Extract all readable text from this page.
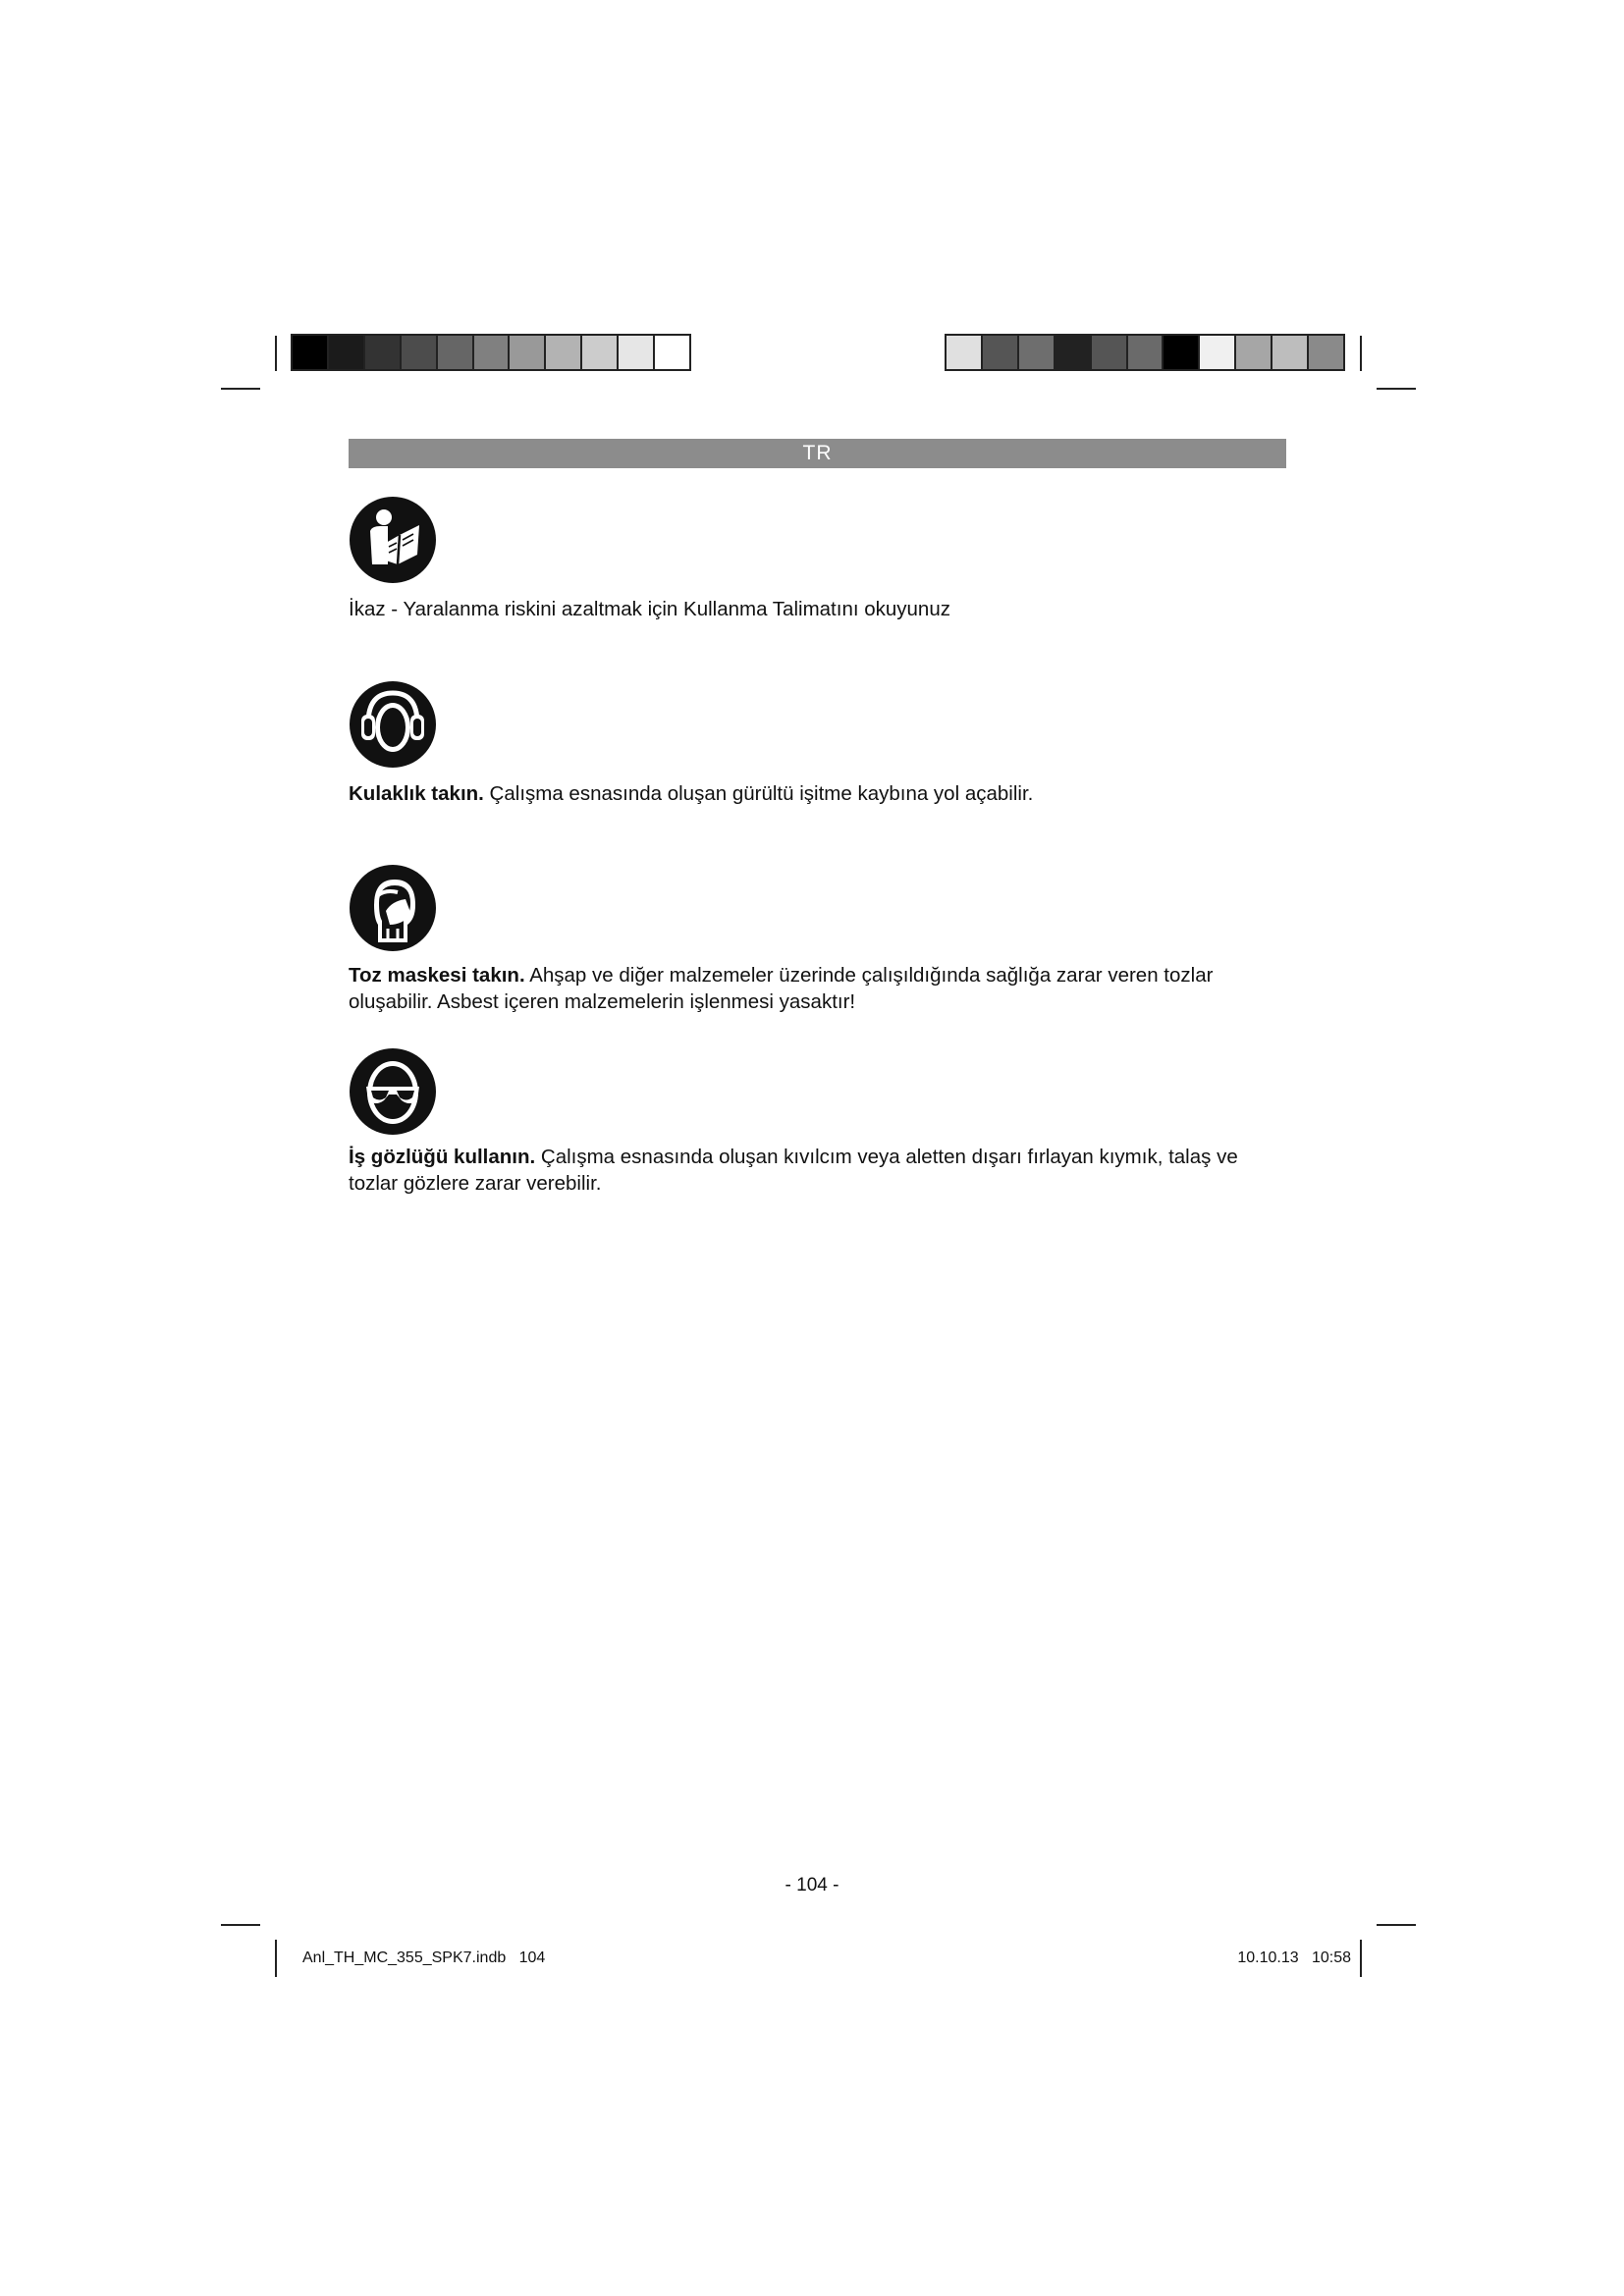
TR
İkaz - Yaralanma riskini azaltmak için Kullanma Talimatını okuyunuz
Kulaklık takın. Çalışma esnasında oluşan gürültü işitme kaybına yol açabilir.
Toz maskesi takın. Ahşap ve diğer malzemeler üzerinde çalışıldığında sağlığa zarar veren tozlar oluşabilir. Asbest içeren malzemelerin işlenmesi yasaktır!
İş gözlüğü kullanın. Çalışma esnasında oluşan kıvılcım veya aletten dışarı fırlayan kıymık, talaş ve tozlar gözlere zarar verebilir.
- 104 -
Anl_TH_MC_355_SPK7.indb   104	10.10.13   10:58
